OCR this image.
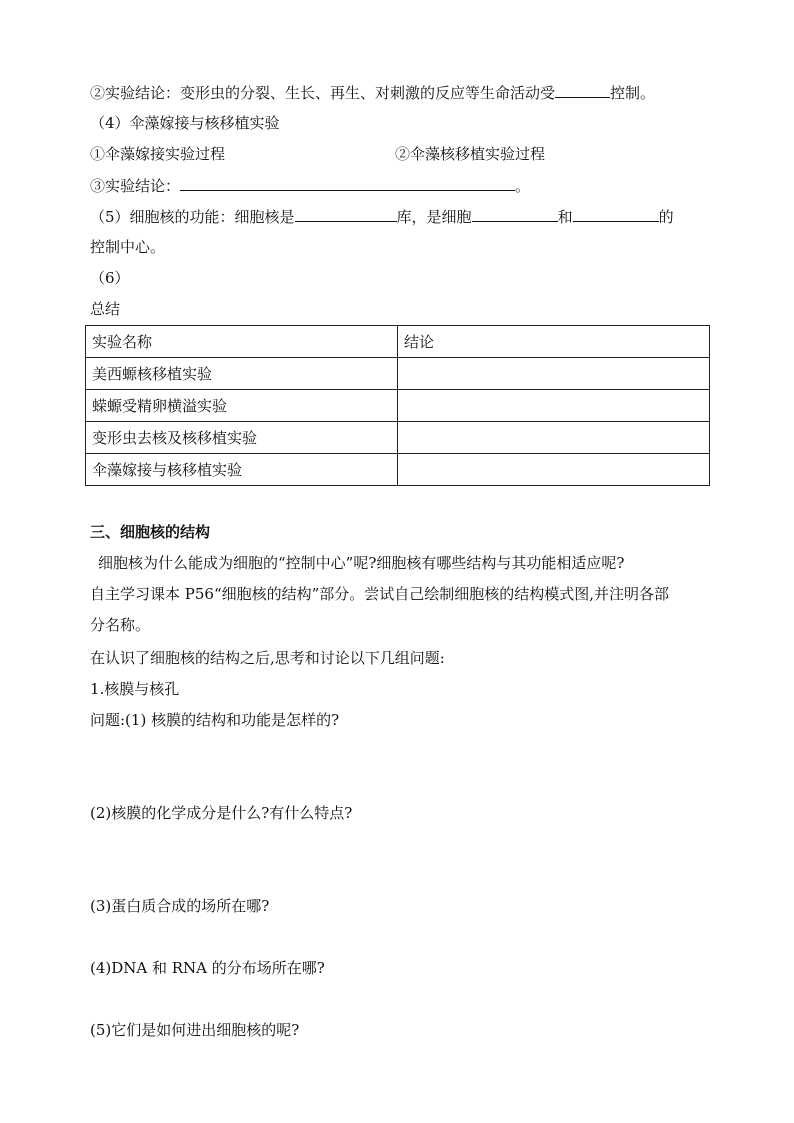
②实验结论：变形虫的分裂、生长、再生、对刺激的反应等生命活动受	控制。
（4）伞藻嫁接与核移植实验
①伞藻嫁接实验过程	②伞藻核移植实验过程
③实验结论：	。
（5）细胞核的功能：细胞核是	库，是细胞	和	的
控制中心。
（6）
总结
实验名称	结论
美西螈核移植实验	
蝾螈受精卵横溢实验	
变形虫去核及核移植实验	
伞藻嫁接与核移植实验	
三、细胞核的结构
细胞核为什么能成为细胞的“控制中心”呢?细胞核有哪些结构与其功能相适应呢?
自主学习课本 P56“细胞核的结构”部分。尝试自己绘制细胞核的结构模式图,并注明各部
分名称。
在认识了细胞核的结构之后,思考和讨论以下几组问题:
1.核膜与核孔
问题:(1) 核膜的结构和功能是怎样的?
(2)核膜的化学成分是什么?有什么特点?
(3)蛋白质合成的场所在哪?
(4)DNA 和 RNA 的分布场所在哪?
(5)它们是如何进出细胞核的呢?
